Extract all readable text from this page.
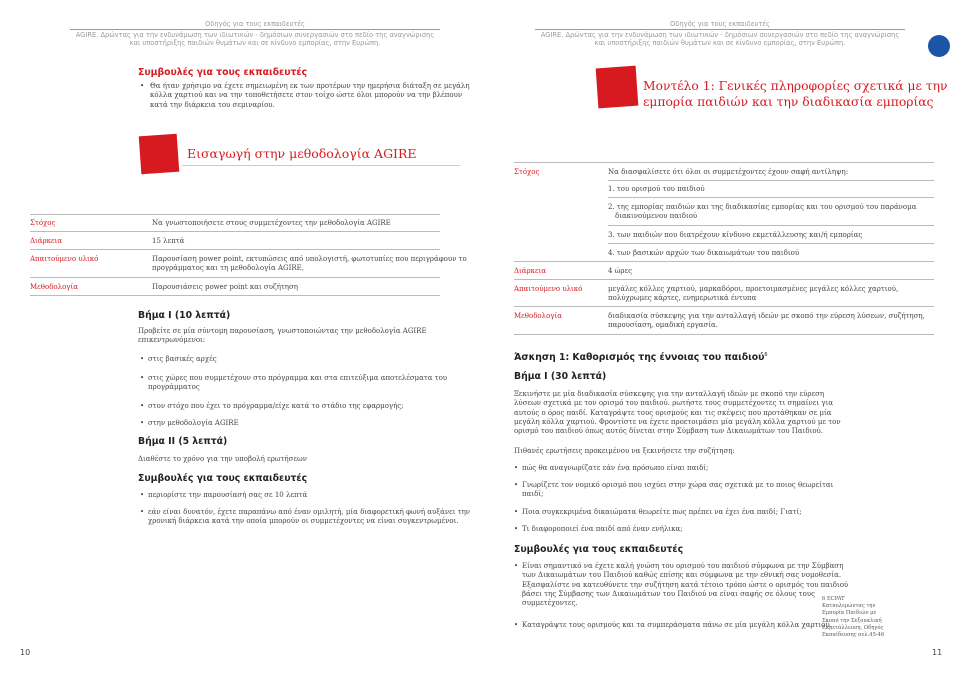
Οδηγός για τους εκπαιδευτές
AGIRE. Δρώντας για την ενδυνάμωση των ιδιωτικών - δημόσιων συνεργασιών στο πεδίο της αναγνώρισης
και υποστήριξης παιδιών θυμάτων και σε κίνδυνο εμπορίας, στην Ευρώπη.
Συμβουλές για τους εκπαιδευτές
• Θα ήταν χρήσιμο να έχετε σημειωμένη εκ των προτέρων την ημερήσια διάταξη σε μεγάλη
κόλλα χαρτιού και να την τοποθετήσετε στον τοίχο ώστε όλοι μπορούν να την βλέπουν
κατά την διάρκεια του σεμιναρίου.
Εισαγωγή στην μεθοδολογία AGIRE
Στόχος	Να γνωστοποιήσετε στους συμμετέχοντες την μεθοδολογία AGIRE
Διάρκεια	15 λεπτά
Απαιτούμενο υλικό	Παρουσίαση power point, εκτυπώσεις από υπολογιστή, φωτοτυπίες που περιγράφουν το
προγράμματος και τη μεθοδολογία AGIRE,
Μεθοδολογία	Παρουσιάσεις power point και συζήτηση
Βήμα Ι (10 λεπτά)
Προβείτε σε μία σύντομη παρουσίαση, γνωστοποιώντας την μεθοδολογία AGIRE
επικεντρωνόμενοι:
• στις βασικές αρχές
• στις χώρες που συμμετέχουν στο πρόγραμμα και στα επιτεύξιμα αποτελέσματα του
προγράμματος
• στον στόχο που έχει το πρόγραμμα/είχε κατά το στάδιο της εφαρμογής;
• στην μεθοδολογία AGIRE
Βήμα ΙΙ (5 λεπτά)
Διαθέστε το χρόνο για την υποβολή ερωτήσεων
Συμβουλές για τους εκπαιδευτές
• περιορίστε την παρουσίασή σας σε 10 λεπτά
• εάν είναι δυνατόν, έχετε παραπάνω από έναν ομιλητή, μία διαφορετική φωνή αυξάνει την
χρονική διάρκεια κατά την οποία μπορούν οι συμμετέχοντες να είναι συγκεντρωμένοι.
10
Οδηγός για τους εκπαιδευτές
AGIRE. Δρώντας για την ενδυνάμωση των ιδιωτικών - δημόσιων συνεργασιών στο πεδίο της αναγνώρισης
και υποστήριξης παιδιών θυμάτων και σε κίνδυνο εμπορίας, στην Ευρώπη.
Μοντέλο 1: Γενικές πληροφορίες σχετικά με την
εμπορία παιδιών και την διαδικασία εμπορίας
Στόχος	Να διασφαλίσετε ότι όλοι οι συμμετέχοντες έχουν σαφή αντίληψη:
1. του ορισμού του παιδιού
2. της εμπορίας παιδιών και της διαδικασίας εμπορίας και του ορισμού του παράνομα
διακινούμενου παιδιού
3. των παιδιών που διατρέχουν κίνδυνο εκμετάλλευσης και/ή εμπορίας
4. των βασικών αρχών των δικαιωμάτων του παιδιού
Διάρκεια	4 ώρες
Απαιτούμενο υλικό	μεγάλες κόλλες χαρτιού, μαρκαδόροι, προετοιμασμένες μεγάλες κόλλες χαρτιού,
πολύχρωμες κάρτες, ενημερωτικά έντυπα
Μεθοδολογία	διαδικασία σύσκεψης για την ανταλλαγή ιδεών με σκοπό την εύρεση λύσεων, συζήτηση,
παρουσίαση, ομαδική εργασία.
Άσκηση 1: Καθορισμός της έννοιας του παιδιού$^6$
Βήμα Ι (30 λεπτά)
Ξεκινήστε με μία διαδικασία σύσκεψης για την ανταλλαγή ιδεών με σκοπό την εύρεση
λύσεων σχετικά με τον ορισμό του παιδιού. ρωτήστε τους συμμετέχοντες τι σημαίνει για
αυτούς ο όρος παιδί. Καταγράψτε τους ορισμούς και τις σκέψεις που προτάθηκαν σε μία
μεγάλη κόλλα χαρτιού. Φροντίστε να έχετε προετοιμάσει μία μεγάλη κόλλα χαρτιού με τον
ορισμό του παιδιού όπως αυτός δίνεται στην Σύμβαση των Δικαιωμάτων του Παιδιού.
Πιθανές ερωτήσεις προκειμένου να ξεκινήσετε την συζήτηση:
• πώς θα αναγνωρίζατε εάν ένα πρόσωπο είναι παιδί;
• Γνωρίζετε τον νομικό ορισμό που ισχύει στην χώρα σας σχετικά με το ποιος θεωρείται
παιδί;
• Ποια συγκεκριμένα δικαιώματα θεωρείτε πως πρέπει να έχει ένα παιδί; Γιατί;
• Τι διαφοροποιεί ένα παιδί από έναν ενήλικα;
Συμβουλές για τους εκπαιδευτές
• Είναι σημαντικό να έχετε καλή γνώση του ορισμού του παιδιού σύμφωνα με την Σύμβαση
των Δικαιωμάτων του Παιδιού καθώς επίσης και σύμφωνα με την εθνική σας νομοθεσία.
Εξασφαλίστε να κατευθύνετε την συζήτηση κατά τέτοιο τρόπο ώστε ο ορισμός του παιδιού
βάσει της Σύμβασης των Δικαιωμάτων του Παιδιού να είναι σαφής σε όλους τους
συμμετέχοντες.
• Καταγράψτε τους ορισμούς και τα συμπεράσματα πάνω σε μία μεγάλη κόλλα χαρτιού.
6 ECPAT
Κατπολεμώντας την
Εμπορία Παιδιών με
Σκοπό την Σεξουαλική
Εκμετάλλευση, Οδηγός
Εκπαίδευσης σελ.45-46
11
